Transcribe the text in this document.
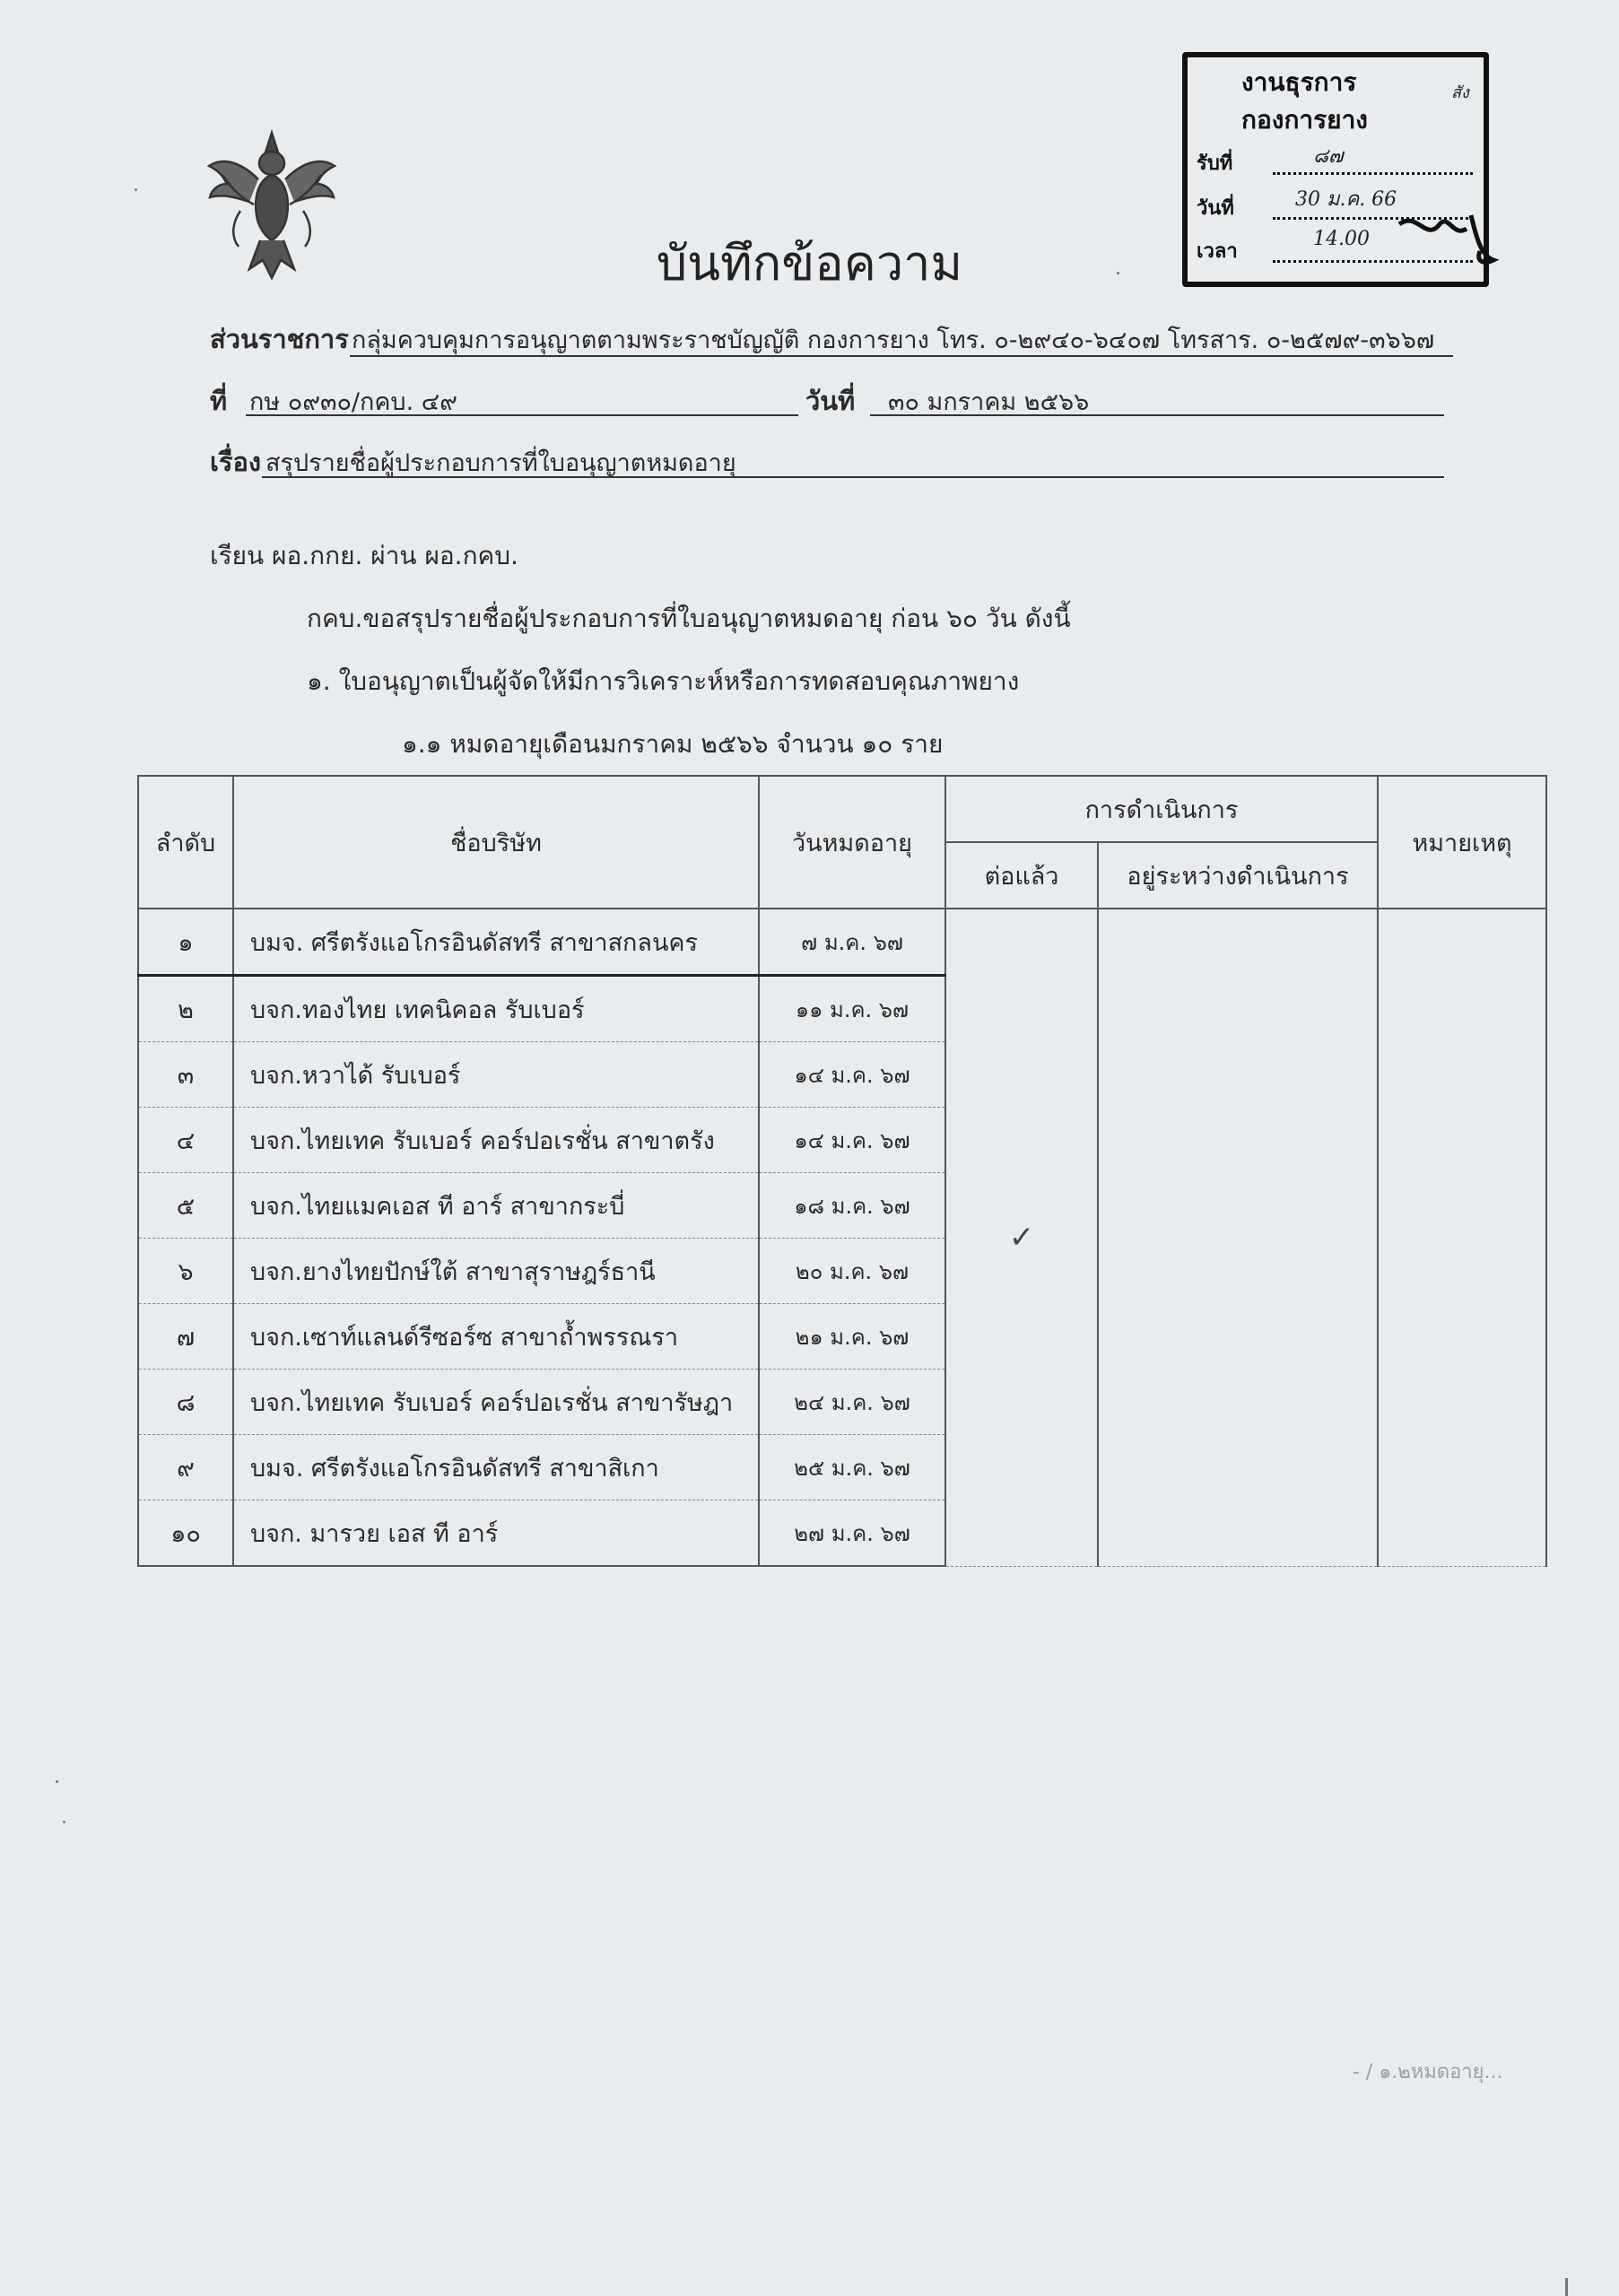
บันทึกข้อความ
งานธุรการ
กองการยาง
รับที่	๘๗
วันที่	30 ม.ค. 66
เวลา
14.00
สัง
ส่วนราชการ กลุ่มควบคุมการอนุญาตตามพระราชบัญญัติ กองการยาง โทร. ๐-๒๙๔๐-๖๔๐๗ โทรสาร. ๐-๒๕๗๙-๓๖๖๗
ที่ กษ ๐๙๓๐/กคบ. ๔๙	วันที่ ๓๐ มกราคม ๒๕๖๖
เรื่อง สรุปรายชื่อผู้ประกอบการที่ใบอนุญาตหมดอายุ
เรียน ผอ.กกย. ผ่าน ผอ.กคบ.
กคบ.ขอสรุปรายชื่อผู้ประกอบการที่ใบอนุญาตหมดอายุ ก่อน ๖๐ วัน ดังนี้
๑. ใบอนุญาตเป็นผู้จัดให้มีการวิเคราะห์หรือการทดสอบคุณภาพยาง
๑.๑ หมดอายุเดือนมกราคม ๒๕๖๖ จำนวน ๑๐ ราย
ลำดับ	ชื่อบริษัท	วันหมดอายุ	การดำเนินการ		หมายเหตุ
			ต่อแล้ว	อยู่ระหว่างดำเนินการ	
๑	บมจ. ศรีตรังแอโกรอินดัสทรี สาขาสกลนคร	๗ ม.ค. ๖๗	✓		
๒	บจก.ทองไทย เทคนิคอล รับเบอร์	๑๑ ม.ค. ๖๗			
๓	บจก.หวาได้ รับเบอร์	๑๔ ม.ค. ๖๗			
๔	บจก.ไทยเทค รับเบอร์ คอร์ปอเรชั่น สาขาตรัง	๑๔ ม.ค. ๖๗			
๕	บจก.ไทยแมคเอส ที อาร์ สาขากระบี่	๑๘ ม.ค. ๖๗			
๖	บจก.ยางไทยปักษ์ใต้ สาขาสุราษฎร์ธานี	๒๐ ม.ค. ๖๗			
๗	บจก.เซาท์แลนด์รีซอร์ซ สาขาถ้ำพรรณรา	๒๑ ม.ค. ๖๗			
๘	บจก.ไทยเทค รับเบอร์ คอร์ปอเรชั่น สาขารัษฎา	๒๔ ม.ค. ๖๗			
๙	บมจ. ศรีตรังแอโกรอินดัสทรี สาขาสิเกา	๒๕ ม.ค. ๖๗			
๑๐	บจก. มารวย เอส ที อาร์	๒๗ ม.ค. ๖๗			
- / ๑.๒หมดอายุ...
